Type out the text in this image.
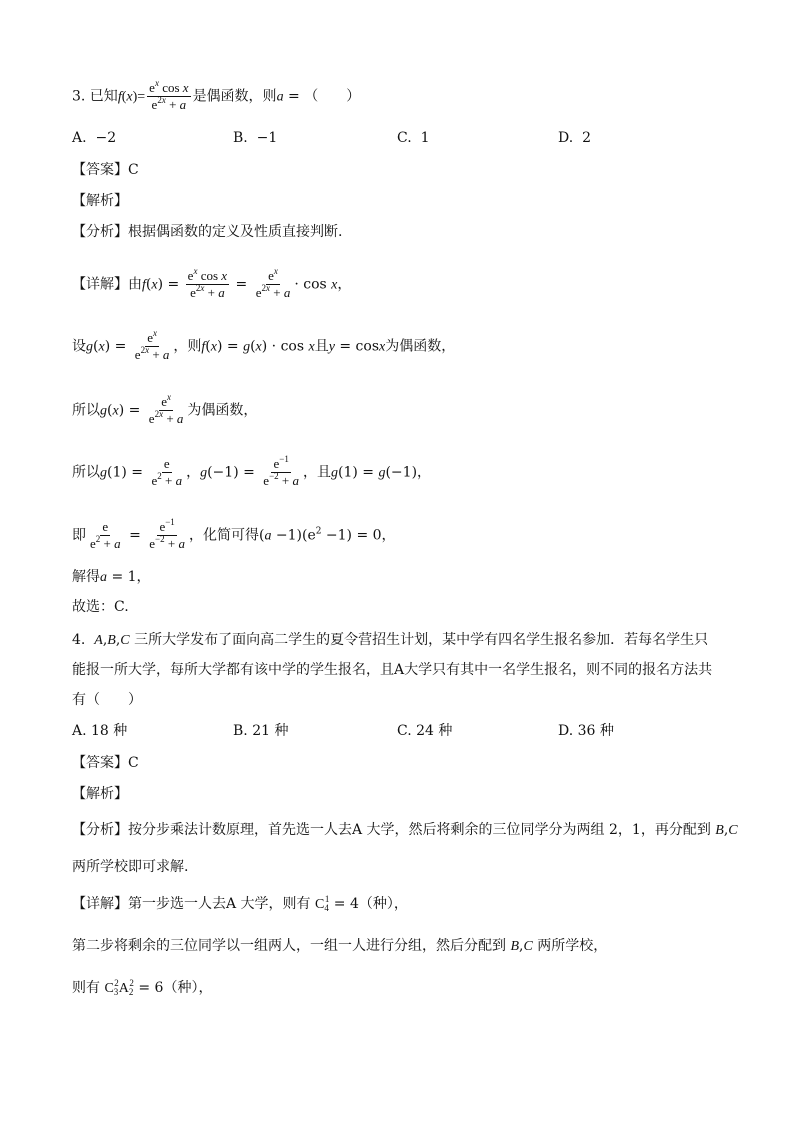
3. 已知$f(x)= \frac{e^x \cos x}{e^{2x} + a}$ 是偶函数，则a = （　　）
A. −2	B. −1	C. 1	D. 2
【答案】C
【解析】
【分析】根据偶函数的定义及性质直接判断.
【详解】由$f(x) = \frac{e^x \cos x}{e^{2x} + a} = \frac{e^x}{e^{2x} + a} \cdot \cos x$，
设$g(x) = \frac{e^x}{e^{2x} + a}$ ，则f(x) = g(x) · cos x且y = cosx为偶函数，
所以$g(x) = \frac{e^x}{e^{2x} + a}$ 为偶函数，
所以$g(1) = \frac{e}{e^2 + a}$ ，$g(-1) = \frac{e^{-1}}{e^{-2} + a}$ ，且g(1) = g(−1)，
即 $\frac{e}{e^2 + a} = \frac{e^{-1}}{e^{-2} + a}$ ，化简可得$(a -1)(e^2 -1) = 0$，
解得a = 1，
故选：C.
4. A,B,C 三所大学发布了面向高二学生的夏令营招生计划，某中学有四名学生报名参加．若每名学生只
能报一所大学，每所大学都有该中学的学生报名，且A大学只有其中一名学生报名，则不同的报名方法共
有（　　）
A. 18 种	B. 21 种	C. 24 种	D. 36 种
【答案】C
【解析】
【分析】按分步乘法计数原理，首先选一人去A 大学，然后将剩余的三位同学分为两组 2，1，再分配到 B,C
两所学校即可求解.
【详解】第一步选一人去A 大学，则有 $C_4^1 = 4$（种），
第二步将剩余的三位同学以一组两人，一组一人进行分组，然后分配到 B,C 两所学校，
则有 $C_3^2A_2^2 = 6$（种），
